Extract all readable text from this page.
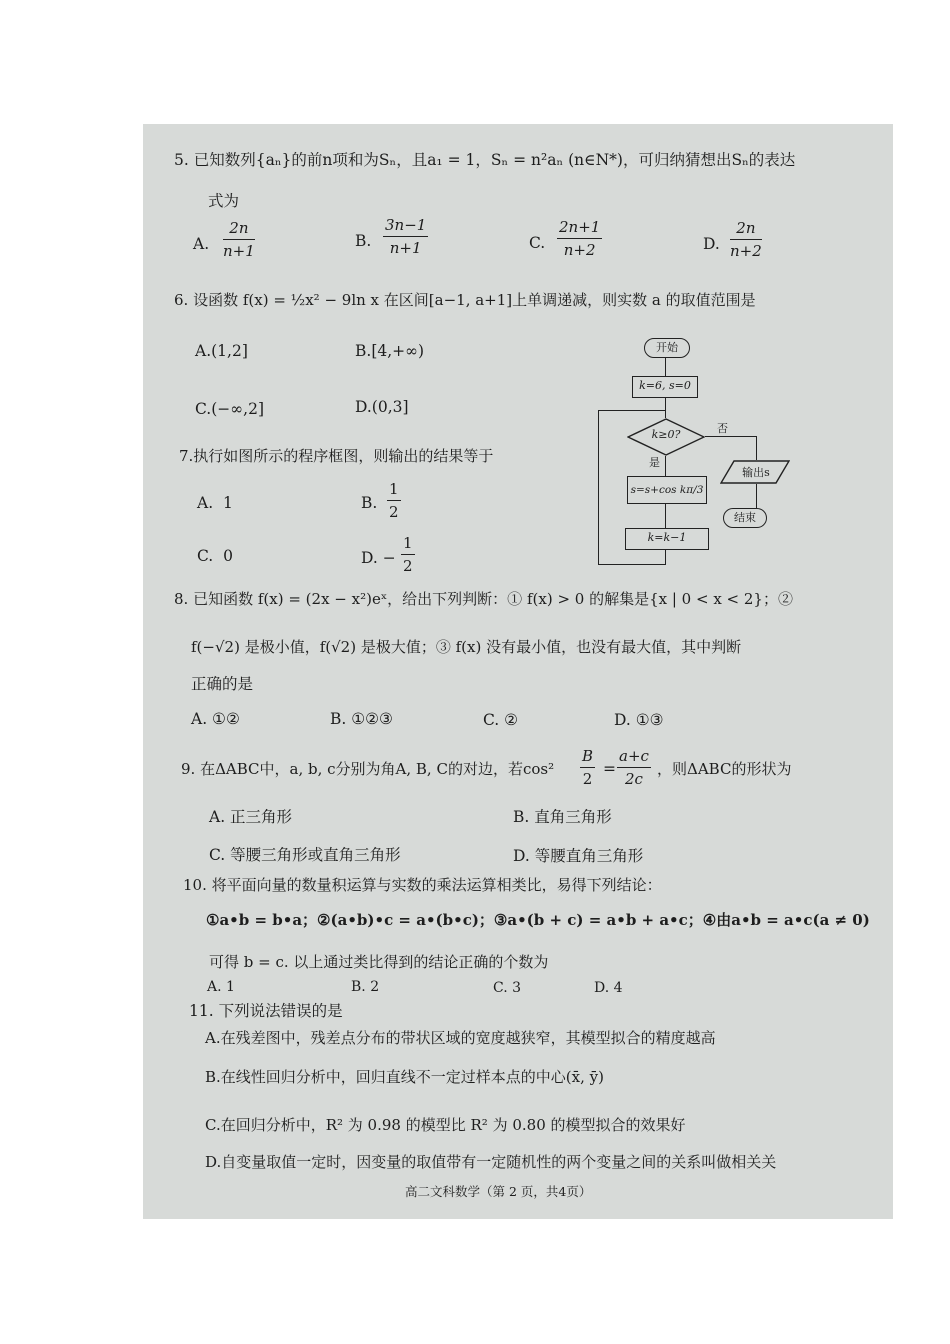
5. 已知数列{aₙ}的前n项和为Sₙ，且a₁ = 1，Sₙ = n²aₙ (n∈N*)，可归纳猜想出Sₙ的表达
式为
A. $\frac{2n}{n+1}$	B. $\frac{3n-1}{n+1}$	C. $\frac{2n+1}{n+2}$	D. $\frac{2n}{n+2}$
6. 设函数 f(x) = ½x² − 9ln x 在区间[a−1, a+1]上单调递减，则实数 a 的取值范围是
A.(1,2]	B.[4,+∞)
C.(−∞,2]	D.(0,3]
7.执行如图所示的程序框图，则输出的结果等于
A. 1	B. $\frac{1}{2}$
C. 0	D. − $\frac{1}{2}$
开始
k=6, s=0
k≥0?	否
输出s
结束
是
s=s+cos kπ/3
k=k−1
8. 已知函数 f(x) = (2x − x²)eˣ，给出下列判断：① f(x) > 0 的解集是{x | 0 < x < 2}；②
f(−√2) 是极小值，f(√2) 是极大值；③ f(x) 没有最小值，也没有最大值，其中判断
正确的是
A. ①②	B. ①②③	C. ②	D. ①③
9. 在ΔABC中，a, b, c分别为角A, B, C的对边，若$\cos^2 \frac{B}{2} = \frac{a+c}{2c}$ ，则ΔABC的形状为
A. 正三角形	B. 直角三角形
C. 等腰三角形或直角三角形	D. 等腰直角三角形
10. 将平面向量的数量积运算与实数的乘法运算相类比，易得下列结论：
①a•b = b•a；②(a•b)•c = a•(b•c)；③a•(b + c) = a•b + a•c；④由a•b = a•c(a ≠ 0)
可得 b = c. 以上通过类比得到的结论正确的个数为
A. 1	B. 2	C. 3	D. 4
11. 下列说法错误的是
A.在残差图中，残差点分布的带状区域的宽度越狭窄，其模型拟合的精度越高
B.在线性回归分析中，回归直线不一定过样本点的中心(x̄, ȳ)
C.在回归分析中，R² 为 0.98 的模型比 R² 为 0.80 的模型拟合的效果好
D.自变量取值一定时，因变量的取值带有一定随机性的两个变量之间的关系叫做相关关
高二文科数学（第 2 页，共4页）
